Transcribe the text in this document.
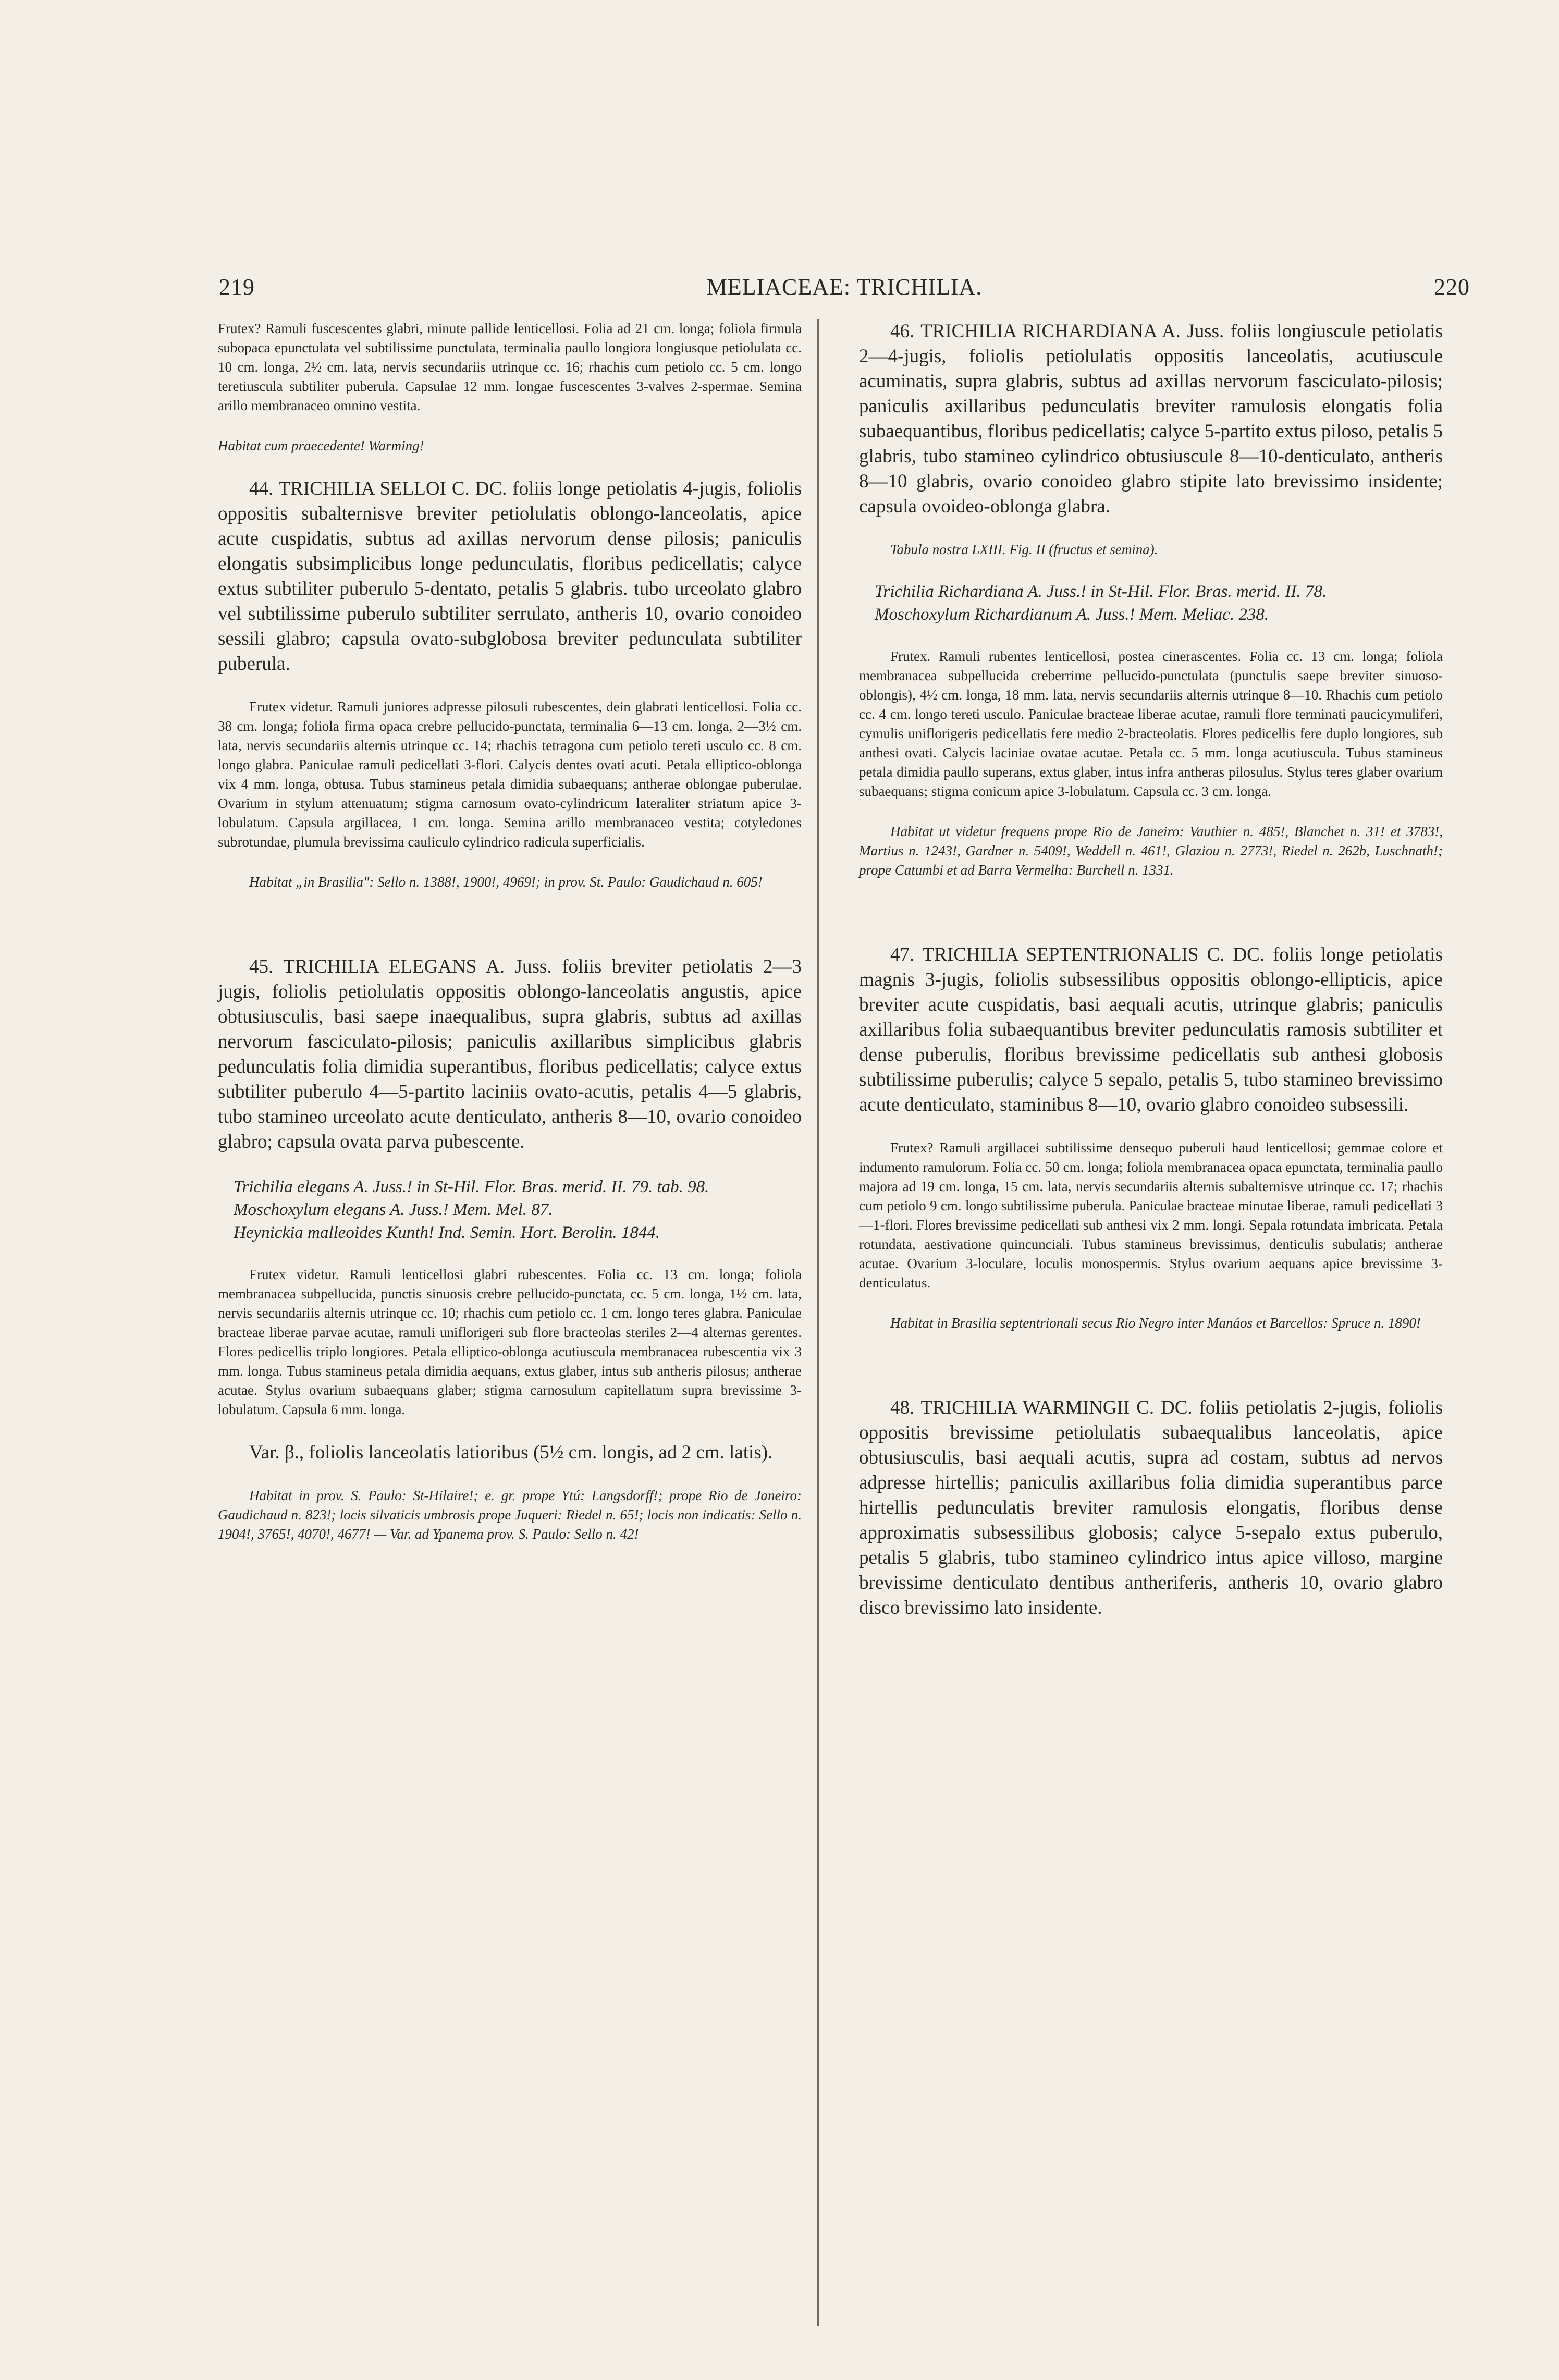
219	MELIACEAE: TRICHILIA.	220

Frutex? Ramuli fuscescentes glabri, minute pallide lenticellosi. Folia ad 21 cm. longa; foliola firmula subopaca epunctulata vel subtilissime punctulata, terminalia paullo longiora longiusque petiolulata cc. 10 cm. longa, 2½ cm. lata, nervis secundariis utrinque cc. 16; rhachis cum petiolo cc. 5 cm. longo teretiuscula subtiliter puberula. Capsulae 12 mm. longae fuscescentes 3-valves 2-spermae. Semina arillo membranaceo omnino vestita.

Habitat cum praecedente! Warming!

44. TRICHILIA SELLOI C. DC. foliis longe petiolatis 4-jugis, foliolis oppositis subalternisve breviter petiolulatis oblongo-lanceolatis, apice acute cuspidatis, subtus ad axillas nervorum dense pilosis; paniculis elongatis subsimplicibus longe pedunculatis, floribus pedicellatis; calyce extus subtiliter puberulo 5-dentato, petalis 5 glabris. tubo urceolato glabro vel subtilissime puberulo subtiliter serrulato, antheris 10, ovario conoideo sessili glabro; capsula ovato-subglobosa breviter pedunculata subtiliter puberula.

Frutex videtur. Ramuli juniores adpresse pilosuli rubescentes, dein glabrati lenticellosi. Folia cc. 38 cm. longa; foliola firma opaca crebre pellucido-punctata, terminalia 6—13 cm. longa, 2—3½ cm. lata, nervis secundariis alternis utrinque cc. 14; rhachis tetragona cum petiolo tereti usculo cc. 8 cm. longo glabra. Paniculae ramuli pedicellati 3-flori. Calycis dentes ovati acuti. Petala elliptico-oblonga vix 4 mm. longa, obtusa. Tubus stamineus petala dimidia subaequans; antherae oblongae puberulae. Ovarium in stylum attenuatum; stigma carnosum ovato-cylindricum lateraliter striatum apice 3-lobulatum. Capsula argillacea, 1 cm. longa. Semina arillo membranaceo vestita; cotyledones subrotundae, plumula brevissima cauliculo cylindrico radicula superficialis.

Habitat „in Brasilia": Sello n. 1388!, 1900!, 4969!; in prov. St. Paulo: Gaudichaud n. 605!

45. TRICHILIA ELEGANS A. Juss. foliis breviter petiolatis 2—3 jugis, foliolis petiolulatis oppositis oblongo-lanceolatis angustis, apice obtusiusculis, basi saepe inaequalibus, supra glabris, subtus ad axillas nervorum fasciculato-pilosis; paniculis axillaribus simplicibus glabris pedunculatis folia dimidia superantibus, floribus pedicellatis; calyce extus subtiliter puberulo 4—5-partito laciniis ovato-acutis, petalis 4—5 glabris, tubo stamineo urceolato acute denticulato, antheris 8—10, ovario conoideo glabro; capsula ovata parva pubescente.

Trichilia elegans A. Juss.! in St-Hil. Flor. Bras. merid. II. 79. tab. 98.

Moschoxylum elegans A. Juss.! Mem. Mel. 87.

Heynickia malleoides Kunth! Ind. Semin. Hort. Berolin. 1844.

Frutex videtur. Ramuli lenticellosi glabri rubescentes. Folia cc. 13 cm. longa; foliola membranacea subpellucida, punctis sinuosis crebre pellucido-punctata, cc. 5 cm. longa, 1½ cm. lata, nervis secundariis alternis utrinque cc. 10; rhachis cum petiolo cc. 1 cm. longo teres glabra. Paniculae bracteae liberae parvae acutae, ramuli uniflorigeri sub flore bracteolas steriles 2—4 alternas gerentes. Flores pedicellis triplo longiores. Petala elliptico-oblonga acutiuscula membranacea rubescentia vix 3 mm. longa. Tubus stamineus petala dimidia aequans, extus glaber, intus sub antheris pilosus; antherae acutae. Stylus ovarium subaequans glaber; stigma carnosulum capitellatum supra brevissime 3-lobulatum. Capsula 6 mm. longa.

Var. β., foliolis lanceolatis latioribus (5½ cm. longis, ad 2 cm. latis).

Habitat in prov. S. Paulo: St-Hilaire!; e. gr. prope Ytú: Langsdorff!; prope Rio de Janeiro: Gaudichaud n. 823!; locis silvaticis umbrosis prope Juqueri: Riedel n. 65!; locis non indicatis: Sello n. 1904!, 3765!, 4070!, 4677! — Var. ad Ypanema prov. S. Paulo: Sello n. 42!

46. TRICHILIA RICHARDIANA A. Juss. foliis longiuscule petiolatis 2—4-jugis, foliolis petiolulatis oppositis lanceolatis, acutiuscule acuminatis, supra glabris, subtus ad axillas nervorum fasciculato-pilosis; paniculis axillaribus pedunculatis breviter ramulosis elongatis folia subaequantibus, floribus pedicellatis; calyce 5-partito extus piloso, petalis 5 glabris, tubo stamineo cylindrico obtusiuscule 8—10-denticulato, antheris 8—10 glabris, ovario conoideo glabro stipite lato brevissimo insidente; capsula ovoideo-oblonga glabra.

Tabula nostra LXIII. Fig. II (fructus et semina).

Trichilia Richardiana A. Juss.! in St-Hil. Flor. Bras. merid. II. 78.

Moschoxylum Richardianum A. Juss.! Mem. Meliac. 238.

Frutex. Ramuli rubentes lenticellosi, postea cinerascentes. Folia cc. 13 cm. longa; foliola membranacea subpellucida creberrime pellucido-punctulata (punctulis saepe breviter sinuoso-oblongis), 4½ cm. longa, 18 mm. lata, nervis secundariis alternis utrinque 8—10. Rhachis cum petiolo cc. 4 cm. longo tereti usculo. Paniculae bracteae liberae acutae, ramuli flore terminati paucicymuliferi, cymulis uniflorigeris pedicellatis fere medio 2-bracteolatis. Flores pedicellis fere duplo longiores, sub anthesi ovati. Calycis laciniae ovatae acutae. Petala cc. 5 mm. longa acutiuscula. Tubus stamineus petala dimidia paullo superans, extus glaber, intus infra antheras pilosulus. Stylus teres glaber ovarium subaequans; stigma conicum apice 3-lobulatum. Capsula cc. 3 cm. longa.

Habitat ut videtur frequens prope Rio de Janeiro: Vauthier n. 485!, Blanchet n. 31! et 3783!, Martius n. 1243!, Gardner n. 5409!, Weddell n. 461!, Glaziou n. 2773!, Riedel n. 262b, Luschnath!; prope Catumbi et ad Barra Vermelha: Burchell n. 1331.

47. TRICHILIA SEPTENTRIONALIS C. DC. foliis longe petiolatis magnis 3-jugis, foliolis subsessilibus oppositis oblongo-ellipticis, apice breviter acute cuspidatis, basi aequali acutis, utrinque glabris; paniculis axillaribus folia subaequantibus breviter pedunculatis ramosis subtiliter et dense puberulis, floribus brevissime pedicellatis sub anthesi globosis subtilissime puberulis; calyce 5 sepalo, petalis 5, tubo stamineo brevissimo acute denticulato, staminibus 8—10, ovario glabro conoideo subsessili.

Frutex? Ramuli argillacei subtilissime densequo puberuli haud lenticellosi; gemmae colore et indumento ramulorum. Folia cc. 50 cm. longa; foliola membranacea opaca epunctata, terminalia paullo majora ad 19 cm. longa, 15 cm. lata, nervis secundariis alternis subalternisve utrinque cc. 17; rhachis cum petiolo 9 cm. longo subtilissime puberula. Paniculae bracteae minutae liberae, ramuli pedicellati 3—1-flori. Flores brevissime pedicellati sub anthesi vix 2 mm. longi. Sepala rotundata imbricata. Petala rotundata, aestivatione quincunciali. Tubus stamineus brevissimus, denticulis subulatis; antherae acutae. Ovarium 3-loculare, loculis monospermis. Stylus ovarium aequans apice brevissime 3-denticulatus.

Habitat in Brasilia septentrionali secus Rio Negro inter Manáos et Barcellos: Spruce n. 1890!

48. TRICHILIA WARMINGII C. DC. foliis petiolatis 2-jugis, foliolis oppositis brevissime petiolulatis subaequalibus lanceolatis, apice obtusiusculis, basi aequali acutis, supra ad costam, subtus ad nervos adpresse hirtellis; paniculis axillaribus folia dimidia superantibus parce hirtellis pedunculatis breviter ramulosis elongatis, floribus dense approximatis subsessilibus globosis; calyce 5-sepalo extus puberulo, petalis 5 glabris, tubo stamineo cylindrico intus apice villoso, margine brevissime denticulato dentibus antheriferis, antheris 10, ovario glabro disco brevissimo lato insidente.
